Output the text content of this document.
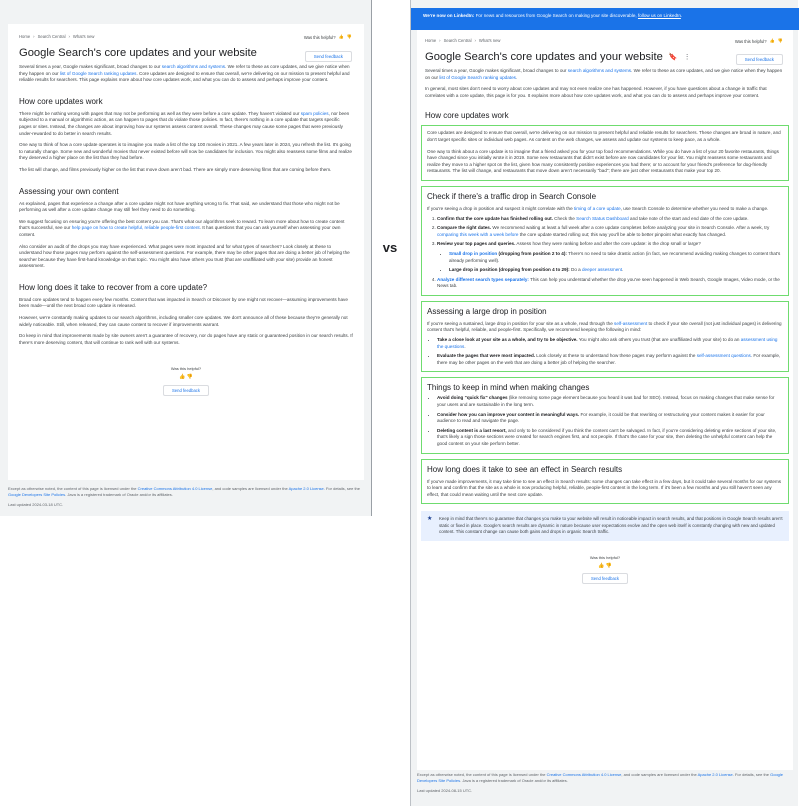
Home › Search Central › What's new	Was this helpful? 👍 👎
Google Search's core updates and your website	Send feedback

Several times a year, Google makes significant, broad changes to our search algorithms and systems. We refer to these as core updates, and we give notice when they happen on our list of Google Search ranking updates. Core updates are designed to ensure that overall, we're delivering on our mission to present helpful and reliable results for searchers. This page explains more about how core updates work, and what you can do to assess and perhaps improve your content.

How core updates work

There might be nothing wrong with pages that may not be performing as well as they were before a core update. They haven't violated our spam policies, nor been subjected to a manual or algorithmic action, as can happen to pages that do violate those policies. In fact, there's nothing in a core update that targets specific pages or sites. Instead, the changes are about improving how our systems assess content overall. These changes may cause some pages that were previously under-rewarded to do better in search results.

One way to think of how a core update operates is to imagine you made a list of the top 100 movies in 2021. A few years later in 2024, you refresh the list. It's going to naturally change. Some new and wonderful movies that never existed before will now be candidates for inclusion. You might also reassess some films and realize they deserved a higher place on the list than they had before.

The list will change, and films previously higher on the list that move down aren't bad. There are simply more deserving films that are coming before them.

Assessing your own content

As explained, pages that experience a change after a core update might not have anything wrong to fix. That said, we understand that those who might not be performing as well after a core update change may still feel they need to do something.

We suggest focusing on ensuring you're offering the best content you can. That's what our algorithms seek to reward. To learn more about how to create content that's successful, see our help page on how to create helpful, reliable people-first content. It has questions that you can ask yourself when assessing your own content.

Also consider an audit of the drops you may have experienced. What pages were most impacted and for what types of searches? Look closely at these to understand how those pages may perform against the self-assessment questions. For example, there may be other pages that are doing a better job of helping the searcher because they have first-hand knowledge on that topic. You might also have others you trust (that are unaffiliated with your site) provide an honest assessment.

How long does it take to recover from a core update?

Broad core updates tend to happen every few months. Content that was impacted in Search or Discover by one might not recover—assuming improvements have been made—until the next broad core update is released.

However, we're constantly making updates to our search algorithms, including smaller core updates. We don't announce all of these because they're generally not widely noticeable. Still, when released, they can cause content to recover if improvements warrant.

Do keep in mind that improvements made by site owners aren't a guarantee of recovery, nor do pages have any static or guaranteed position in our search results. If there's more deserving content, that will continue to rank well with our systems.

Was this helpful?
👍 👎
Send feedback
Except as otherwise noted, the content of this page is licensed under the Creative Commons Attribution 4.0 License, and code samples are licensed under the Apache 2.0 License. For details, see the Google Developers Site Policies. Java is a registered trademark of Oracle and/or its affiliates.
Last updated 2024-03-18 UTC.
vs
We're now on LinkedIn: For news and resources from Google Search on making your site discoverable, follow us on LinkedIn.
Home › Search Central › What's new	Was this helpful? 👍 👎
Google Search's core updates and your website 🔖 ⋮	Send feedback

Several times a year, Google makes significant, broad changes to our search algorithms and systems. We refer to these as core updates, and we give notice when they happen on our list of Google Search ranking updates.

In general, most sites don't need to worry about core updates and may not even realize one has happened. However, if you have questions about a change in traffic that correlates with a core update, this page is for you. It explains more about how core updates work, and what you can do to assess and perhaps improve your content.

How core updates work

Core updates are designed to ensure that overall, we're delivering on our mission to present helpful and reliable results for searchers. These changes are broad in nature, and don't target specific sites or individual web pages. As content on the web changes, we assess and update our systems to keep pace, as a whole.

One way to think about a core update is to imagine that a friend asked you for your top food recommendations. While you do have a list of your 20 favorite restaurants, things have changed since you initially wrote it in 2019. Some new restaurants that didn't exist before are now candidates for your list. You might reassess some restaurants and realize they move to a higher spot on the list, given how many consistently positive experiences you had there; or to account for your friend's preference for dog-friendly restaurants. The list will change, and restaurants that move down aren't necessarily "bad"; there are just other restaurants that make your top 20.

Check if there's a traffic drop in Search Console

If you're seeing a drop in position and suspect it might correlate with the timing of a core update, use Search Console to determine whether you need to make a change.

1. Confirm that the core update has finished rolling out. Check the Search Status Dashboard and take note of the start and end date of the core update.
2. Compare the right dates. We recommend waiting at least a full week after a core update completes before analyzing your site in Search Console. After a week, try comparing this week with a week before the core update started rolling out; this way you'll be able to better pinpoint what exactly has changed.
3. Review your top pages and queries. Assess how they were ranking before and after the core update: is the drop small or large?
• Small drop in position (dropping from position 2 to 4): There's no need to take drastic action (in fact, we recommend avoiding making changes to content that's already performing well).
• Large drop in position (dropping from position 4 to 29): Do a deeper assessment.
4. Analyze different search types separately: This can help you understand whether the drop you've seen happened in Web Search, Google Images, Video mode, or the News tab.
Assessing a large drop in position

If you're seeing a sustained, large drop in position for your site as a whole, read through the self-assessment to check if your site overall (not just individual pages) is delivering content that's helpful, reliable, and people-first. Specifically, we recommend keeping the following in mind:

• Take a close look at your site as a whole, and try to be objective. You might also ask others you trust (that are unaffiliated with your site) to do an assessment using the questions.
• Evaluate the pages that were most impacted. Look closely at these to understand how these pages may perform against the self-assessment questions. For example, there may be other pages on the web that are doing a better job of helping the searcher.
Things to keep in mind when making changes
• Avoid doing "quick fix" changes (like removing some page element because you heard it was bad for SEO). Instead, focus on making changes that make sense for your users and are sustainable in the long term.
• Consider how you can improve your content in meaningful ways. For example, it could be that rewriting or restructuring your content makes it easier for your audience to read and navigate the page.
• Deleting content is a last resort, and only to be considered if you think the content can't be salvaged. In fact, if you're considering deleting entire sections of your site, that's likely a sign those sections were created for search engines first, and not people. If that's the case for your site, then deleting the unhelpful content can help the good content on your site perform better.
How long does it take to see an effect in Search results

If you've made improvements, it may take time to see an effect in Search results: some changes can take effect in a few days, but it could take several months for our systems to learn and confirm that the site as a whole is now producing helpful, reliable, people-first content in the long term. If it's been a few months and you still haven't seen any effect, that could mean waiting until the next core update.

★ Keep in mind that there's no guarantee that changes you make to your website will result in noticeable impact in search results, and that positions in Google Search results aren't static or fixed in place. Google's search results are dynamic in nature because user expectations evolve and the open web itself is constantly changing with new and updated content. This constant change can cause both gains and drops in organic Search traffic.
Was this helpful?
👍 👎
Send feedback
Except as otherwise noted, the content of this page is licensed under the Creative Commons Attribution 4.0 License, and code samples are licensed under the Apache 2.0 License. For details, see the Google Developers Site Policies. Java is a registered trademark of Oracle and/or its affiliates.
Last updated 2024-08-15 UTC.
